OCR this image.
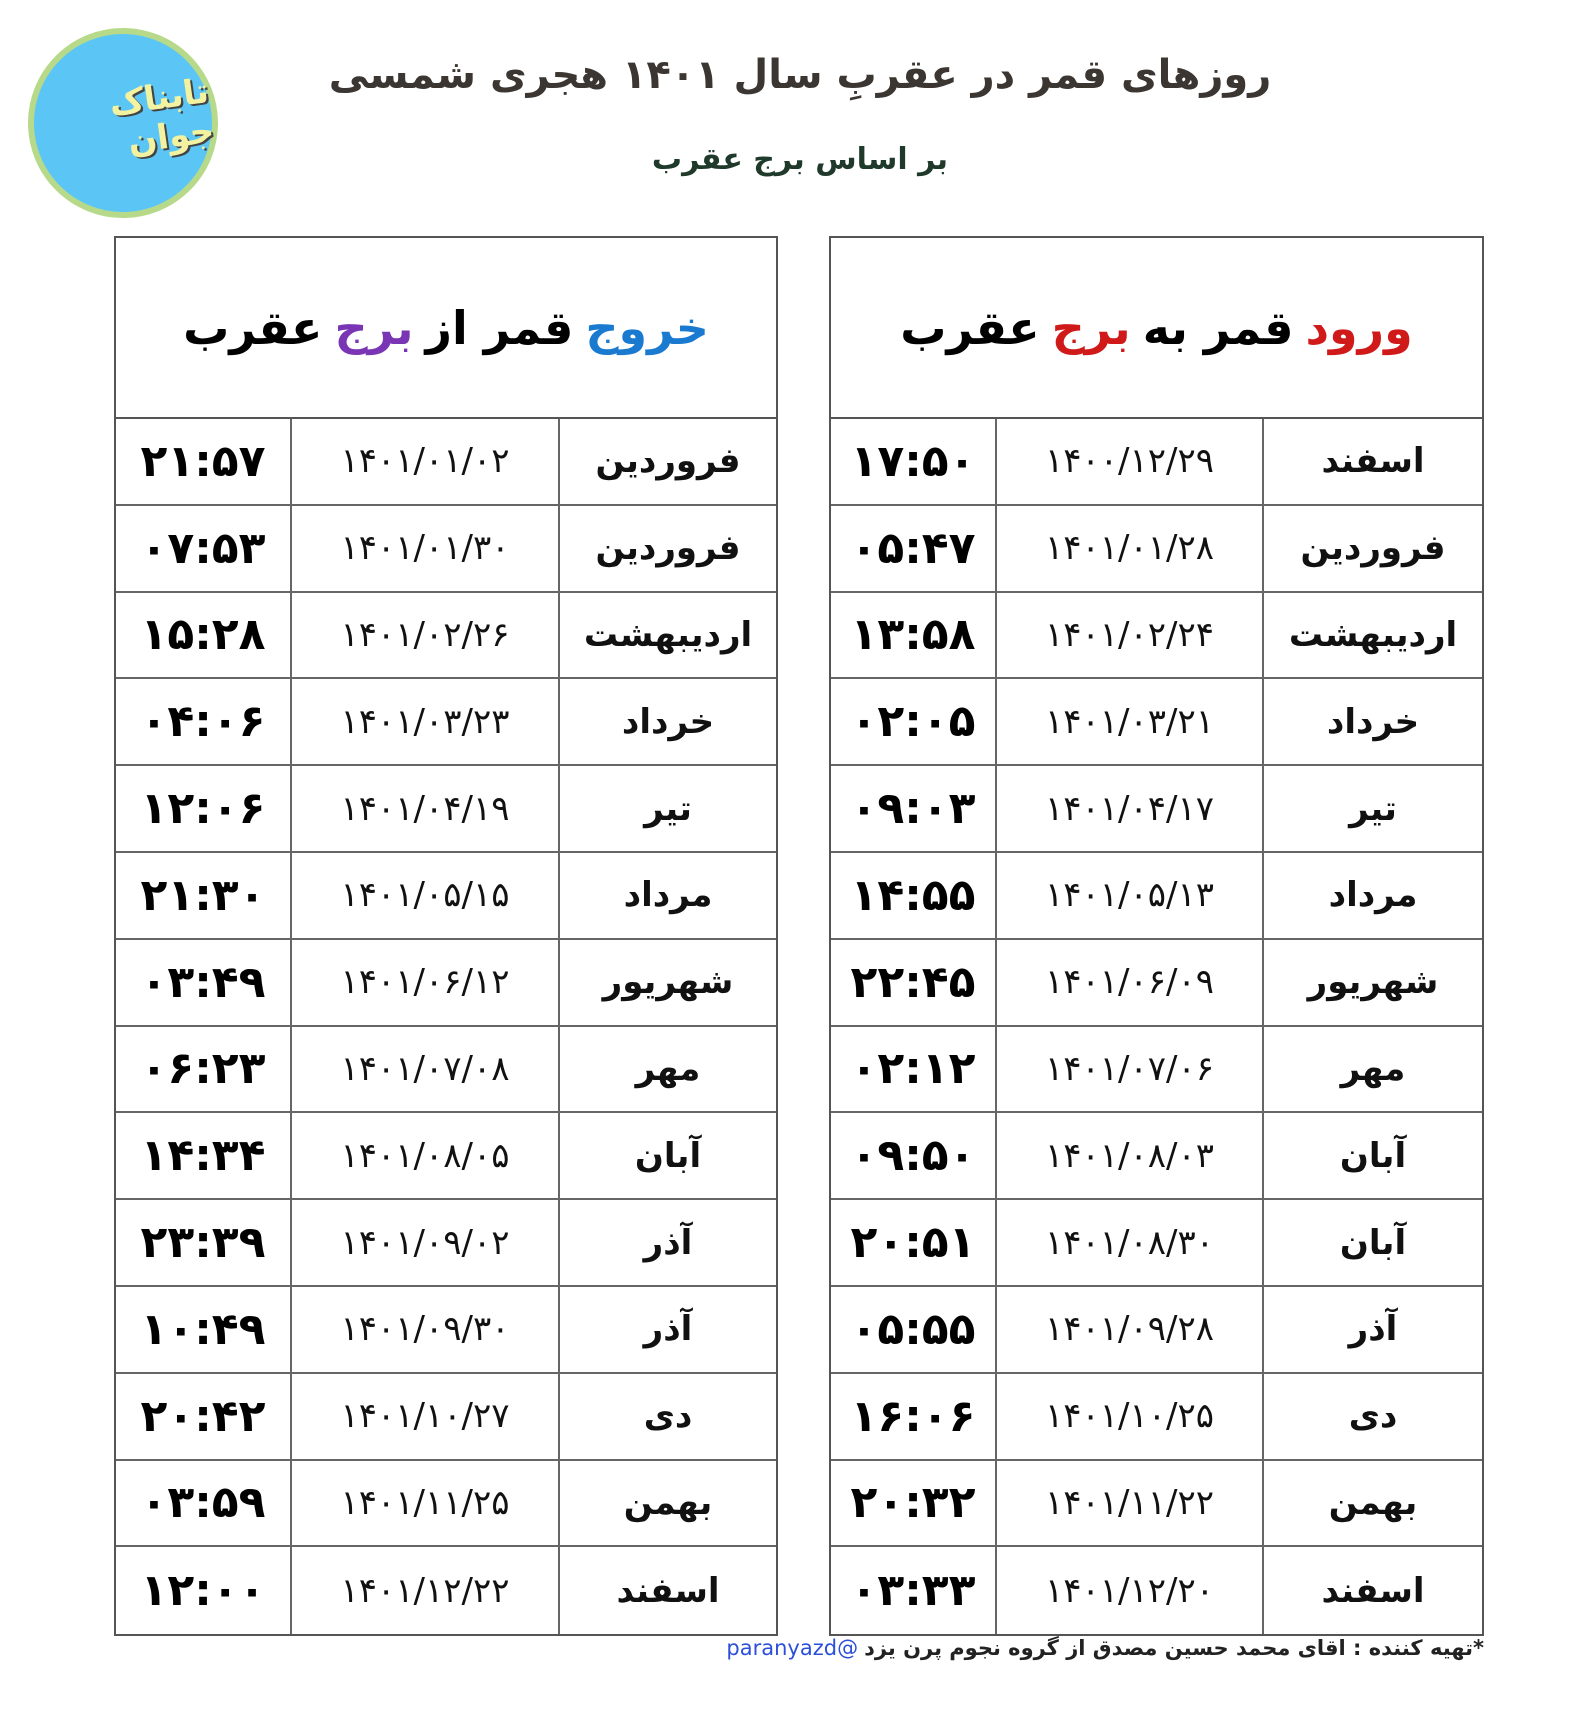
تابناک جوان
روزهای قمر در عقربِ سال ۱۴۰۱ هجری شمسی
بر اساس برج عقرب
خروج
قمر از
برج
عقرب
فروردین
۱۴۰۱/۰۱/۰۲
۲۱:۵۷
فروردین
۱۴۰۱/۰۱/۳۰
۰۷:۵۳
اردیبهشت
۱۴۰۱/۰۲/۲۶
۱۵:۲۸
خرداد
۱۴۰۱/۰۳/۲۳
۰۴:۰۶
تیر
۱۴۰۱/۰۴/۱۹
۱۲:۰۶
مرداد
۱۴۰۱/۰۵/۱۵
۲۱:۳۰
شهریور
۱۴۰۱/۰۶/۱۲
۰۳:۴۹
مهر
۱۴۰۱/۰۷/۰۸
۰۶:۲۳
آبان
۱۴۰۱/۰۸/۰۵
۱۴:۳۴
آذر
۱۴۰۱/۰۹/۰۲
۲۳:۳۹
آذر
۱۴۰۱/۰۹/۳۰
۱۰:۴۹
دی
۱۴۰۱/۱۰/۲۷
۲۰:۴۲
بهمن
۱۴۰۱/۱۱/۲۵
۰۳:۵۹
اسفند
۱۴۰۱/۱۲/۲۲
۱۲:۰۰
ورود
قمر به
برج
عقرب
اسفند
۱۴۰۰/۱۲/۲۹
۱۷:۵۰
فروردین
۱۴۰۱/۰۱/۲۸
۰۵:۴۷
اردیبهشت
۱۴۰۱/۰۲/۲۴
۱۳:۵۸
خرداد
۱۴۰۱/۰۳/۲۱
۰۲:۰۵
تیر
۱۴۰۱/۰۴/۱۷
۰۹:۰۳
مرداد
۱۴۰۱/۰۵/۱۳
۱۴:۵۵
شهریور
۱۴۰۱/۰۶/۰۹
۲۲:۴۵
مهر
۱۴۰۱/۰۷/۰۶
۰۲:۱۲
آبان
۱۴۰۱/۰۸/۰۳
۰۹:۵۰
آبان
۱۴۰۱/۰۸/۳۰
۲۰:۵۱
آذر
۱۴۰۱/۰۹/۲۸
۰۵:۵۵
دی
۱۴۰۱/۱۰/۲۵
۱۶:۰۶
بهمن
۱۴۰۱/۱۱/۲۲
۲۰:۳۲
اسفند
۱۴۰۱/۱۲/۲۰
۰۳:۳۳
*تهیه کننده : اقای محمد حسین مصدق از گروه نجوم پرن یزد@paranyazd
